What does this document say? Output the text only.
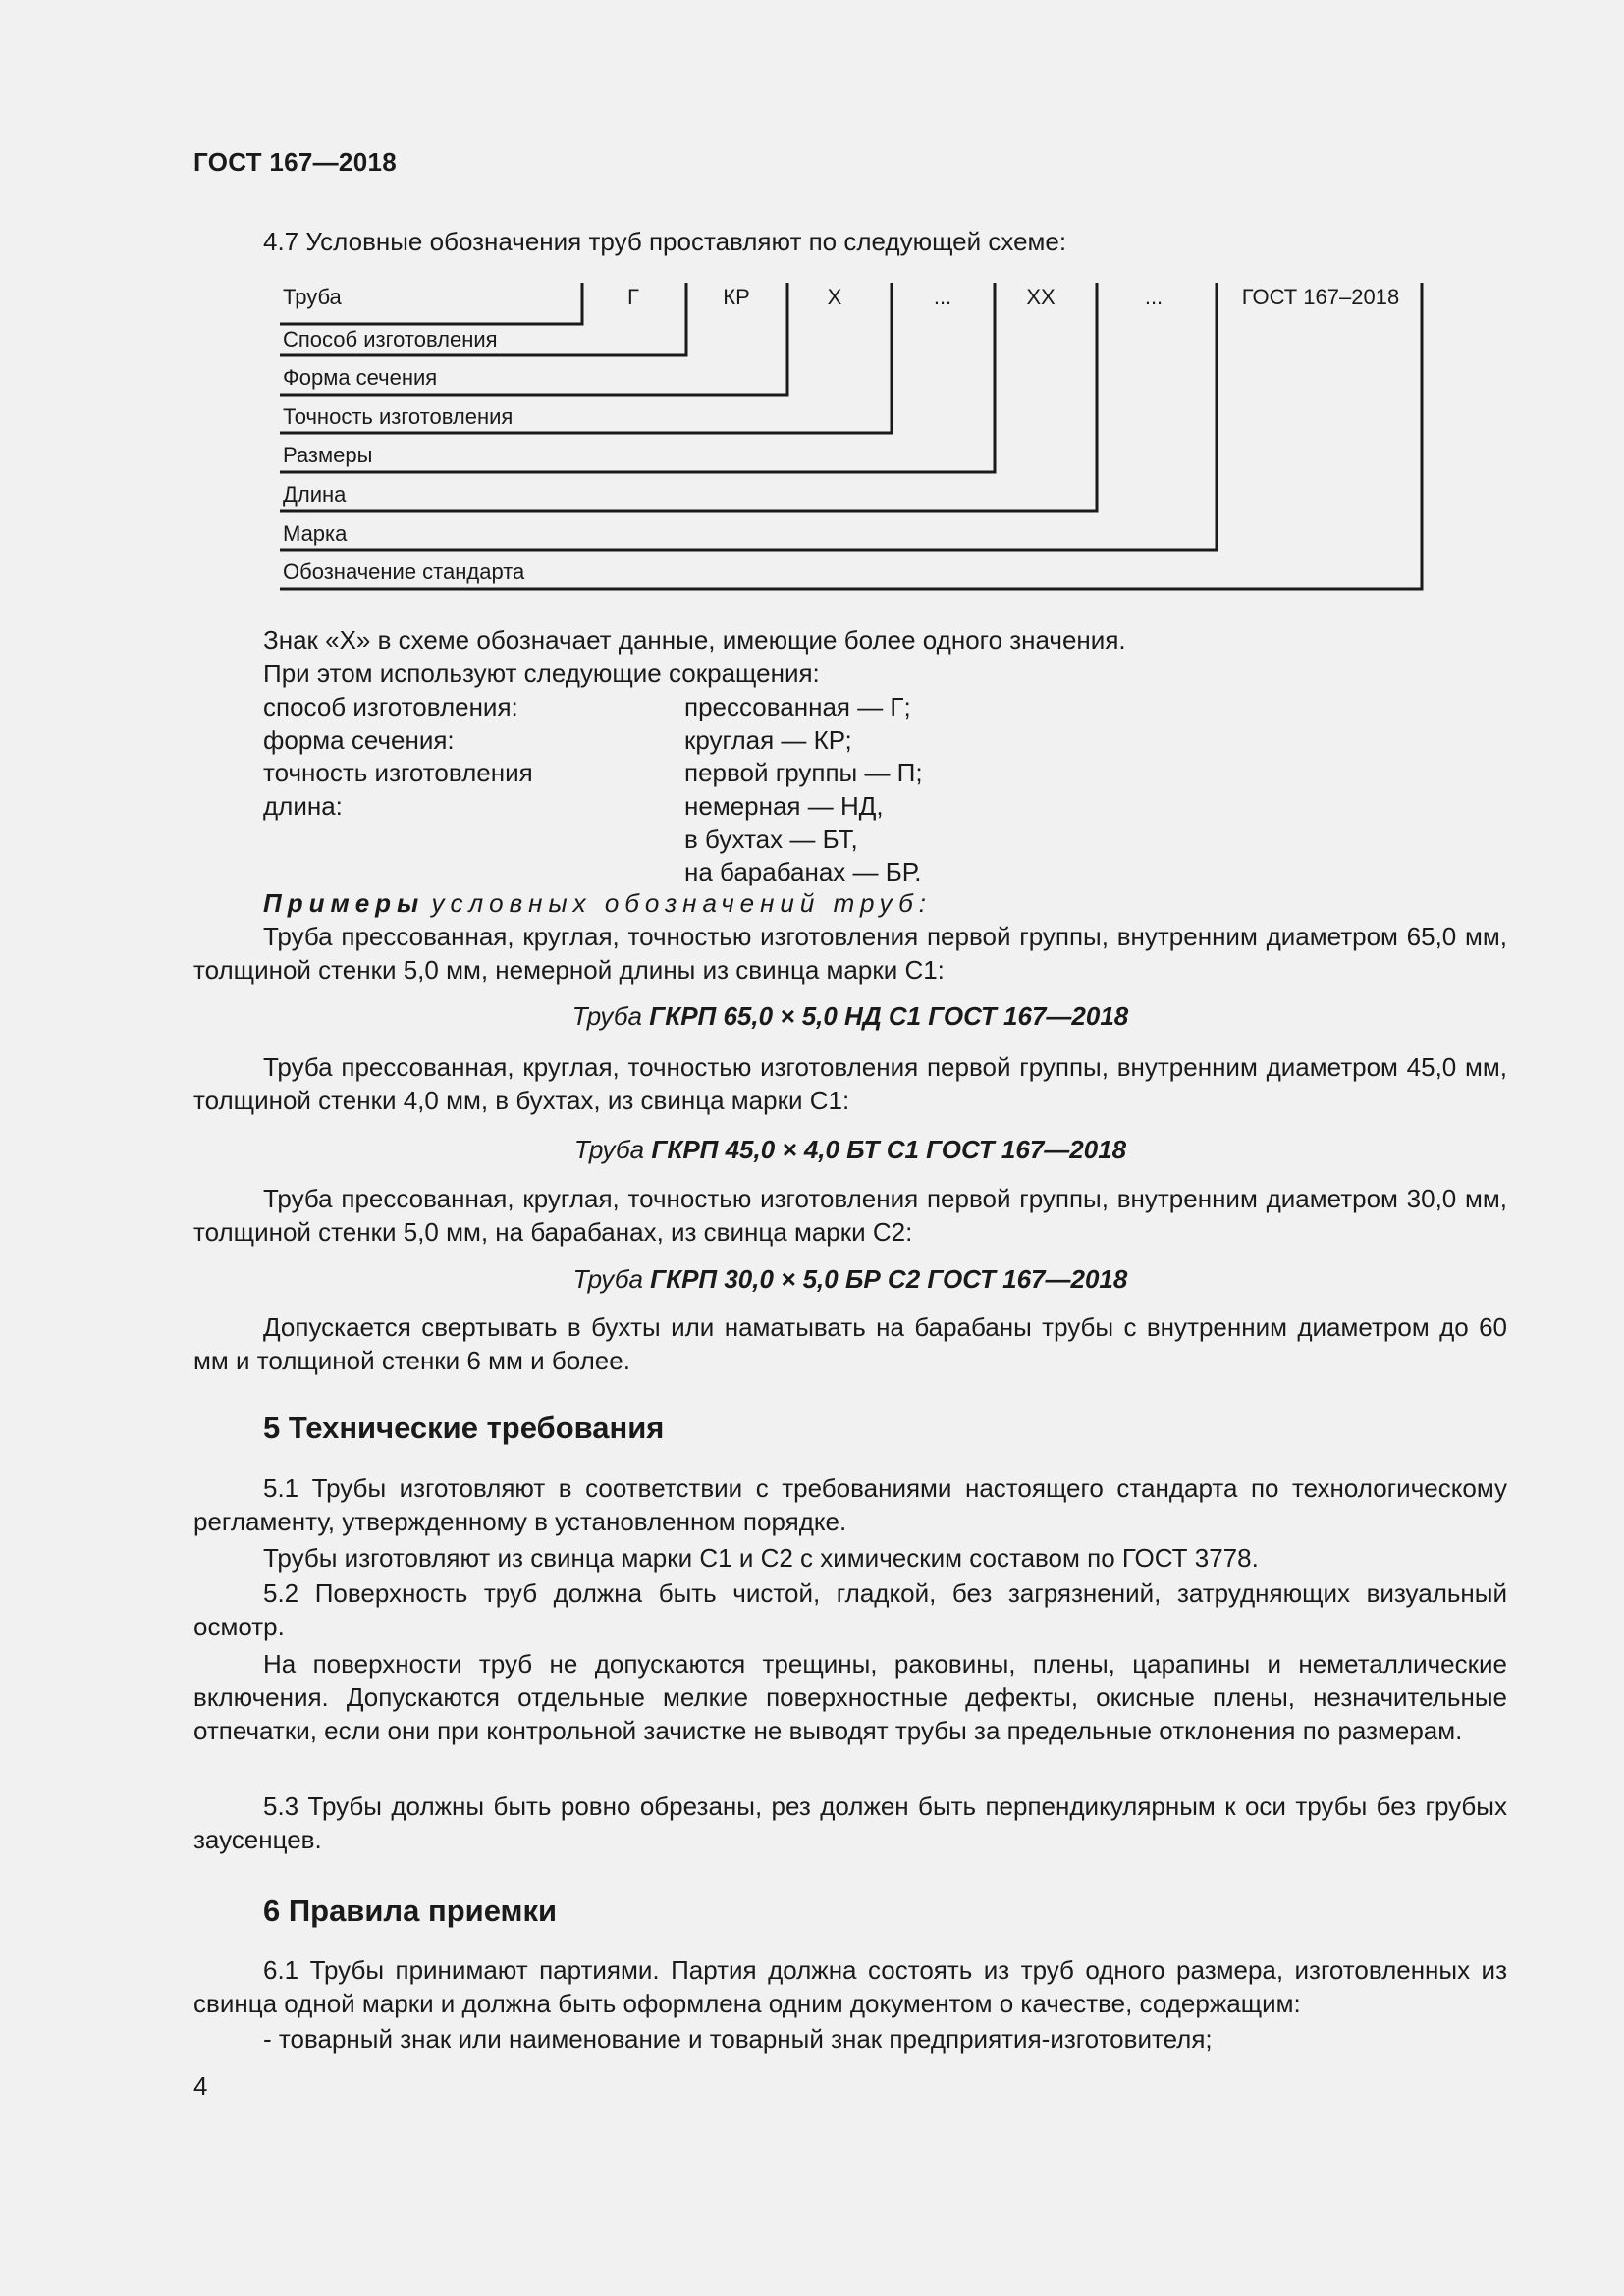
ГОСТ 167—2018
4.7 Условные обозначения труб проставляют по следующей схеме:
Труба
Способ изготовления
Форма сечения
Точность изготовления
Размеры
Длина
Марка
Обозначение стандарта
Г	КР	Х	...	ХХ	...	ГОСТ 167–2018
Знак «Х» в схеме обозначает данные, имеющие более одного значения.
При этом используют следующие сокращения:
способ изготовления:	прессованная — Г;
форма сечения:	круглая — КР;
точность изготовления	первой группы — П;
длина:	немерная — НД,
в бухтах — БТ,
на барабанах — БР.
Примеры условных обозначений труб:
Труба прессованная, круглая, точностью изготовления первой группы, внутренним диаметром 65,0 мм, толщиной стенки 5,0 мм, немерной длины из свинца марки С1:
Труба ГКРП 65,0 × 5,0 НД С1 ГОСТ 167—2018
Труба прессованная, круглая, точностью изготовления первой группы, внутренним диаметром 45,0 мм, толщиной стенки 4,0 мм, в бухтах, из свинца марки С1:
Труба ГКРП 45,0 × 4,0 БТ С1 ГОСТ 167—2018
Труба прессованная, круглая, точностью изготовления первой группы, внутренним диаметром 30,0 мм, толщиной стенки 5,0 мм, на барабанах, из свинца марки С2:
Труба ГКРП 30,0 × 5,0 БР С2 ГОСТ 167—2018
Допускается свертывать в бухты или наматывать на барабаны трубы с внутренним диаметром до 60 мм и толщиной стенки 6 мм и более.
5 Технические требования
5.1 Трубы изготовляют в соответствии с требованиями настоящего стандарта по технологическому регламенту, утвержденному в установленном порядке.
Трубы изготовляют из свинца марки С1 и С2 с химическим составом по ГОСТ 3778.
5.2 Поверхность труб должна быть чистой, гладкой, без загрязнений, затрудняющих визуальный осмотр.
На поверхности труб не допускаются трещины, раковины, плены, царапины и неметаллические включения. Допускаются отдельные мелкие поверхностные дефекты, окисные плены, незначительные отпечатки, если они при контрольной зачистке не выводят трубы за предельные отклонения по размерам.
5.3 Трубы должны быть ровно обрезаны, рез должен быть перпендикулярным к оси трубы без грубых заусенцев.
6 Правила приемки
6.1 Трубы принимают партиями. Партия должна состоять из труб одного размера, изготовленных из свинца одной марки и должна быть оформлена одним документом о качестве, содержащим:
- товарный знак или наименование и товарный знак предприятия-изготовителя;
4
